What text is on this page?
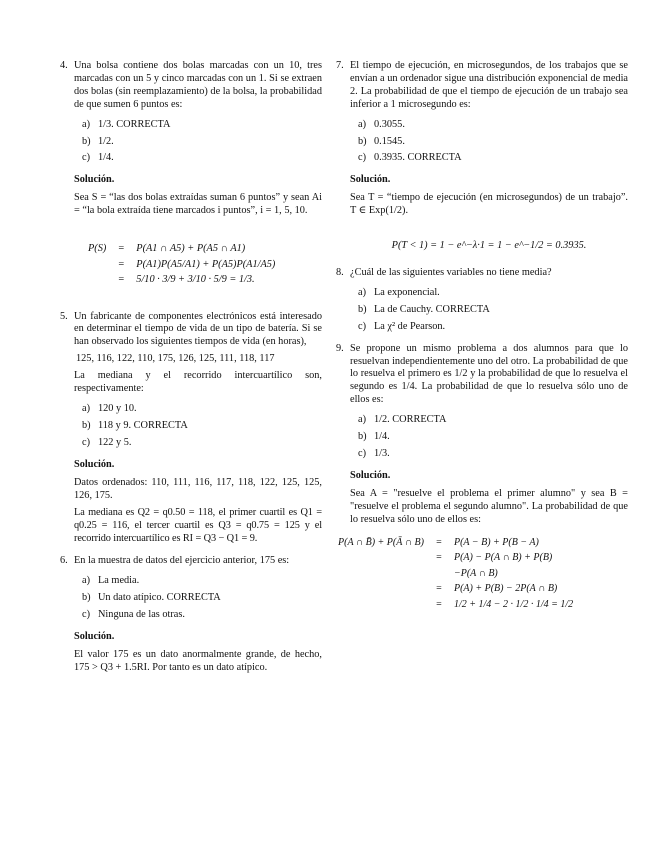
4. Una bolsa contiene dos bolas marcadas con un 10, tres marcadas con un 5 y cinco marcadas con un 1. Si se extraen dos bolas (sin reemplazamiento) de la bolsa, la probabilidad de que sumen 6 puntos es:
a) 1/3. CORRECTA
b) 1/2.
c) 1/4.
Solución.
Sea S = “las dos bolas extraídas suman 6 puntos” y sean Ai = “la bola extraída tiene marcados i puntos”, i = 1, 5, 10.
P(S)	=	P(A1 ∩ A5) + P(A5 ∩ A1)
	=	P(A1)P(A5/A1) + P(A5)P(A1/A5)
	=	5/10 · 3/9 + 3/10 · 5/9 = 1/3.
5. Un fabricante de componentes electrónicos está interesado en determinar el tiempo de vida de un tipo de batería. Si se han observado los siguientes tiempos de vida (en horas),
125, 116, 122, 110, 175, 126, 125, 111, 118, 117
La mediana y el recorrido intercuartílico son, respectivamente:
a) 120 y 10.
b) 118 y 9. CORRECTA
c) 122 y 5.
Solución.
Datos ordenados: 110, 111, 116, 117, 118, 122, 125, 125, 126, 175.
La mediana es Q2 = q0.50 = 118, el primer cuartil es Q1 = q0.25 = 116, el tercer cuartil es Q3 = q0.75 = 125 y el recorrido intercuartílico es RI = Q3 − Q1 = 9.
6. En la muestra de datos del ejercicio anterior, 175 es:
a) La media.
b) Un dato atípico. CORRECTA
c) Ninguna de las otras.
Solución.
El valor 175 es un dato anormalmente grande, de hecho, 175 > Q3 + 1.5RI. Por tanto es un dato atípico.
7. El tiempo de ejecución, en microsegundos, de los trabajos que se envían a un ordenador sigue una distribución exponencial de media 2. La probabilidad de que el tiempo de ejecución de un trabajo sea inferior a 1 microsegundo es:
a) 0.3055.
b) 0.1545.
c) 0.3935. CORRECTA
Solución.
Sea T = “tiempo de ejecución (en microsegundos) de un trabajo”. T ∈ Exp(1/2).
P(T < 1) = 1 − e^−λ·1 = 1 − e^−1/2 = 0.3935.
8. ¿Cuál de las siguientes variables no tiene media?
a) La exponencial.
b) La de Cauchy. CORRECTA
c) La χ² de Pearson.
9. Se propone un mismo problema a dos alumnos para que lo resuelvan independientemente uno del otro. La probabilidad de que lo resuelva el primero es 1/2 y la probabilidad de que lo resuelva el segundo es 1/4. La probabilidad de que lo resuelva sólo uno de ellos es:
a) 1/2. CORRECTA
b) 1/4.
c) 1/3.
Solución.
Sea A = "resuelve el problema el primer alumno" y sea B = "resuelve el problema el segundo alumno". La probabilidad de que lo resuelva sólo uno de ellos es:
P(A ∩ B̄) + P(Ā ∩ B)	=	P(A − B) + P(B − A)
	=	P(A) − P(A ∩ B) + P(B)
		−P(A ∩ B)
	=	P(A) + P(B) − 2P(A ∩ B)
	=	1/2 + 1/4 − 2 · 1/2 · 1/4 = 1/2
